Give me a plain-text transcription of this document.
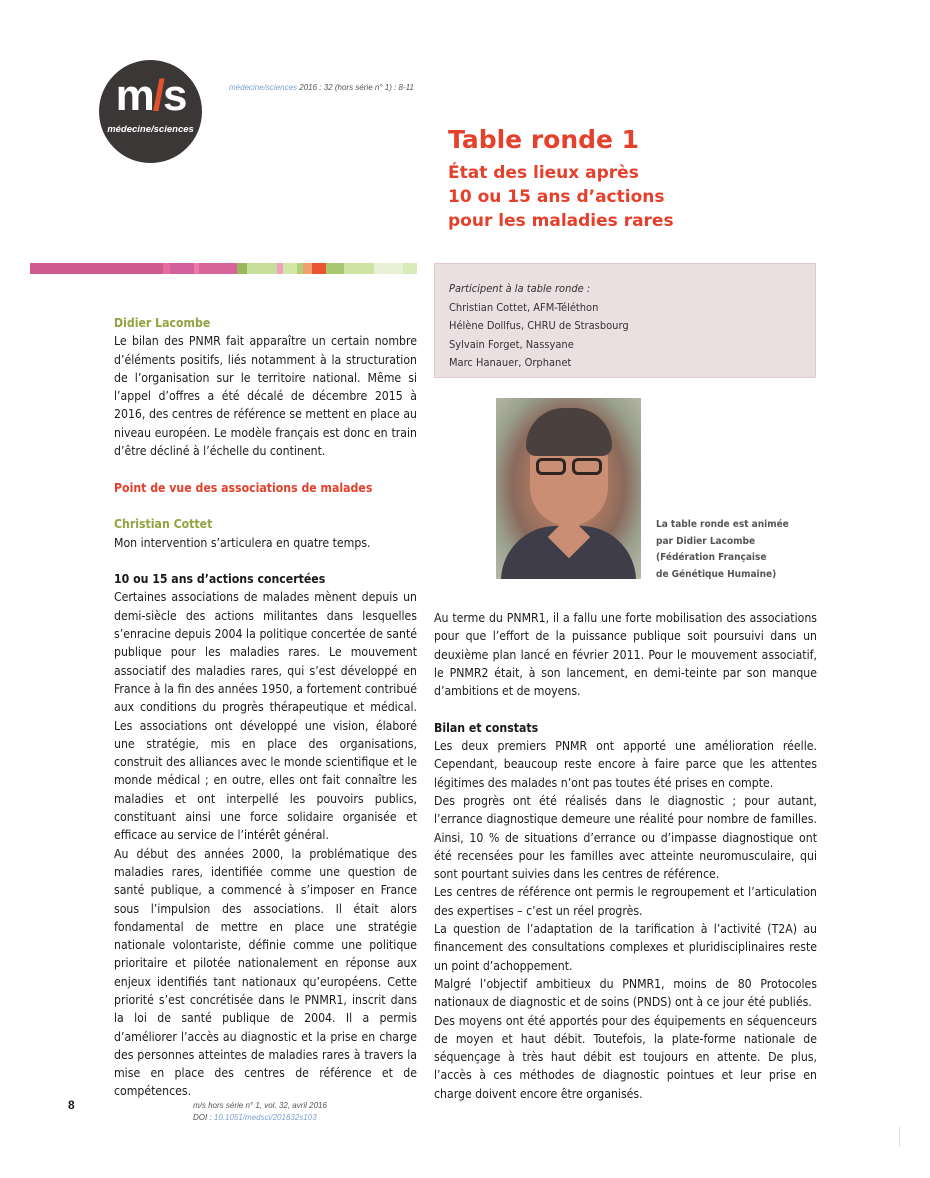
m/s
médecine/sciences
médecine/sciences 2016 ; 32 (hors série n° 1) : 8-11
Table ronde 1
État des lieux après
10 ou 15 ans d’actions
pour les maladies rares
Participent à la table ronde :
Christian Cottet, AFM-Téléthon
Hélène Dollfus, CHRU de Strasbourg
Sylvain Forget, Nassyane
Marc Hanauer, Orphanet
La table ronde est animée
par Didier Lacombe
(Fédération Française
de Génétique Humaine)

Didier Lacombe

Le bilan des PNMR fait apparaître un certain nombre d’éléments positifs, liés notamment à la structuration de l’organisation sur le territoire national. Même si l’appel d’offres a été décalé de décembre 2015 à 2016, des centres de référence se mettent en place au niveau européen. Le modèle français est donc en train d’être décliné à l’échelle du continent.

Point de vue des associations de malades

Christian Cottet

Mon intervention s’articulera en quatre temps.

10 ou 15 ans d’actions concertées

Certaines associations de malades mènent depuis un demi-siècle des actions militantes dans lesquelles s’enracine depuis 2004 la politique concertée de santé publique pour les maladies rares. Le mouvement associatif des maladies rares, qui s’est développé en France à la fin des années 1950, a fortement contribué aux conditions du progrès thérapeutique et médical. Les associations ont développé une vision, élaboré une stratégie, mis en place des organisations, construit des alliances avec le monde scientifique et le monde médical ; en outre, elles ont fait connaître les maladies et ont interpellé les pouvoirs publics, constituant ainsi une force solidaire organisée et efficace au service de l’intérêt général.

Au début des années 2000, la problématique des maladies rares, identifiée comme une question de santé publique, a commencé à s’imposer en France sous l’impulsion des associations. Il était alors fondamental de mettre en place une stratégie nationale volontariste, définie comme une politique prioritaire et pilotée nationalement en réponse aux enjeux identifiés tant nationaux qu’européens. Cette priorité s’est concrétisée dans le PNMR1, inscrit dans la loi de santé publique de 2004. Il a permis d’améliorer l’accès au diagnostic et la prise en charge des personnes atteintes de maladies rares à travers la mise en place des centres de référence et de compétences.

Au terme du PNMR1, il a fallu une forte mobilisation des associations pour que l’effort de la puissance publique soit poursuivi dans un deuxième plan lancé en février 2011. Pour le mouvement associatif, le PNMR2 était, à son lancement, en demi-teinte par son manque d’ambitions et de moyens.

Bilan et constats

Les deux premiers PNMR ont apporté une amélioration réelle. Cependant, beaucoup reste encore à faire parce que les attentes légitimes des malades n’ont pas toutes été prises en compte.

Des progrès ont été réalisés dans le diagnostic ; pour autant, l’errance diagnostique demeure une réalité pour nombre de familles. Ainsi, 10 % de situations d’errance ou d’impasse diagnostique ont été recensées pour les familles avec atteinte neuromusculaire, qui sont pourtant suivies dans les centres de référence.

Les centres de référence ont permis le regroupement et l’articulation des expertises – c’est un réel progrès.

La question de l’adaptation de la tarification à l’activité (T2A) au financement des consultations complexes et pluridisciplinaires reste un point d’achoppement.

Malgré l’objectif ambitieux du PNMR1, moins de 80 Protocoles nationaux de diagnostic et de soins (PNDS) ont à ce jour été publiés.

Des moyens ont été apportés pour des équipements en séquenceurs de moyen et haut débit. Toutefois, la plate-forme nationale de séquençage à très haut débit est toujours en attente. De plus, l’accès à ces méthodes de diagnostic pointues et leur prise en charge doivent encore être organisés.

8	m/s hors série n° 1, vol. 32, avril 2016
DOI : 10.1051/medsci/201632s103
